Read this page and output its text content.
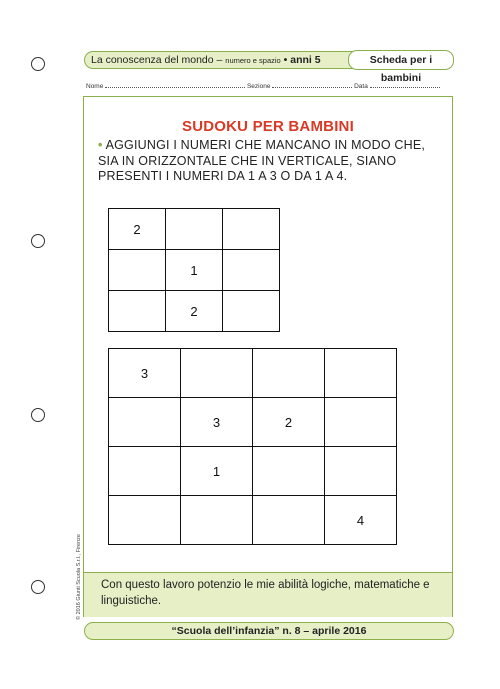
La conoscenza del mondo – numero e spazio • anni 5	Scheda per i bambini
Nome	Sezione	Data
SUDOKU PER BAMBINI
• AGGIUNGI I NUMERI CHE MANCANO IN MODO CHE, SIA IN ORIZZONTALE CHE IN VERTICALE, SIANO PRESENTI I NUMERI DA 1 A 3 O DA 1 A 4.
2		
	1	
	2	
3			
	3	2	
	1		
			4
Con questo lavoro potenzio le mie abilità logiche, matematiche e linguistiche.
“Scuola dell’infanzia” n. 8 – aprile 2016
© 2016 Giunti Scuola S.r.l., Firenze
